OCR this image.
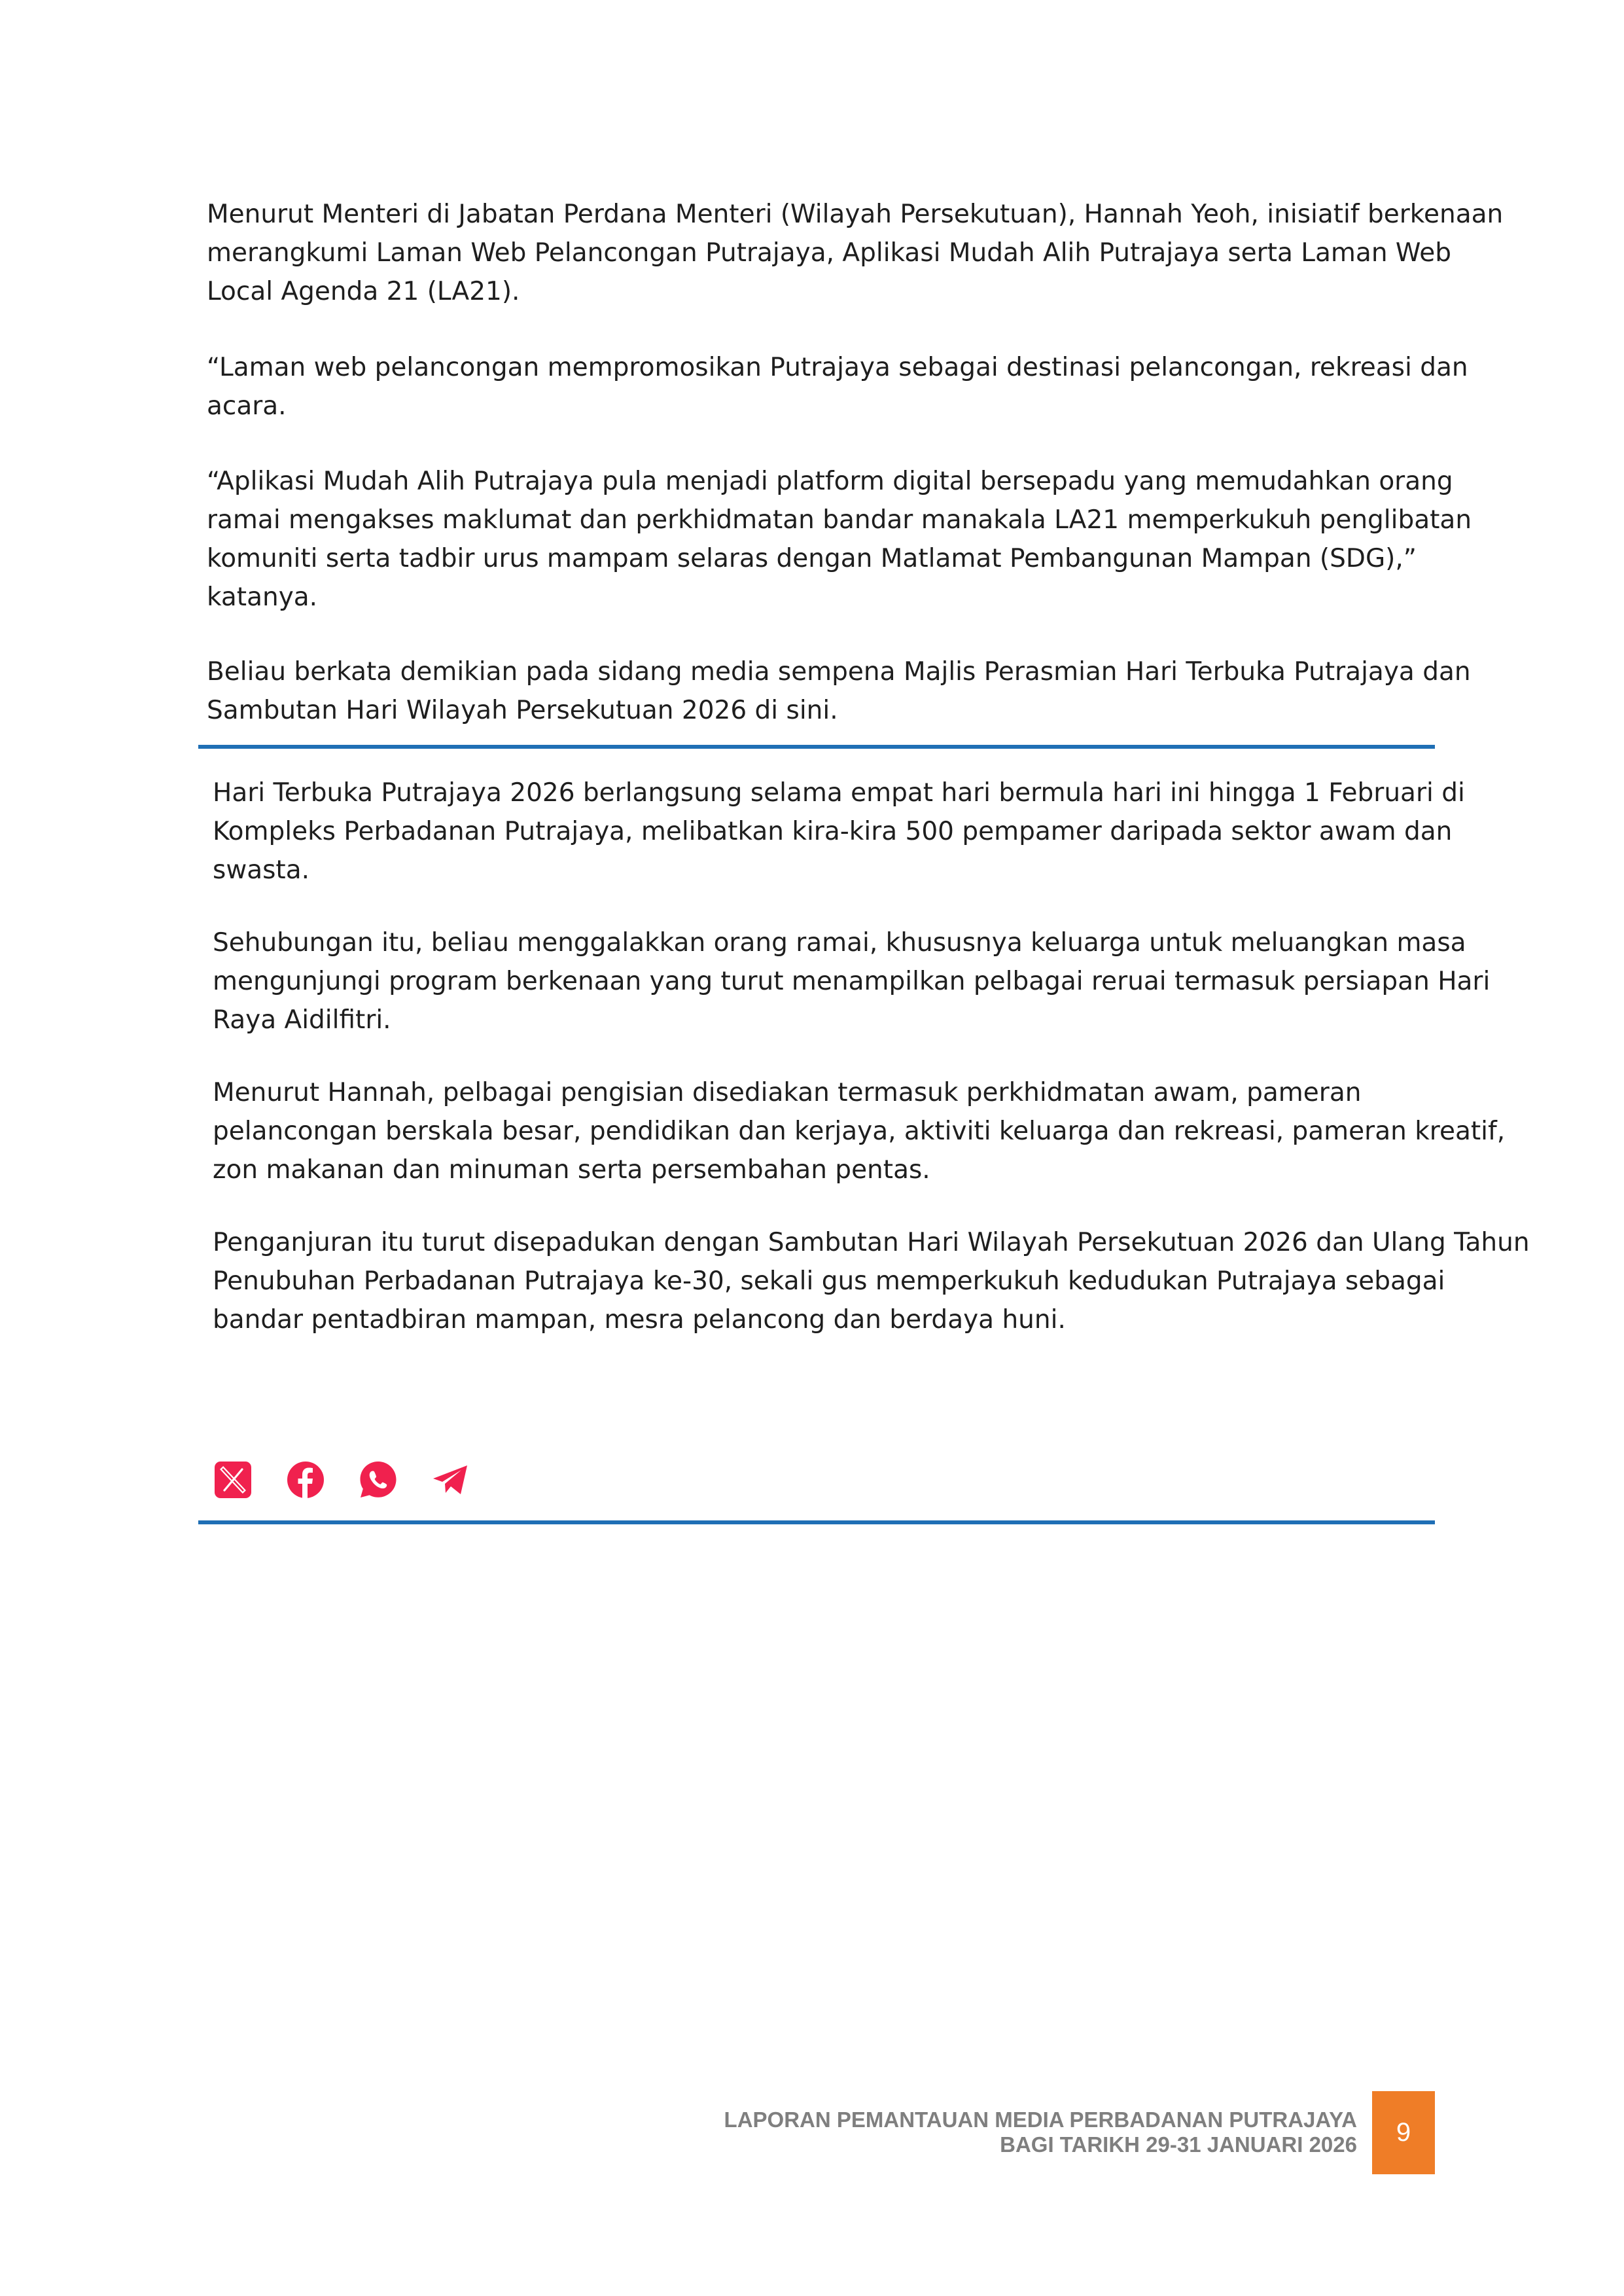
Menurut Menteri di Jabatan Perdana Menteri (Wilayah Persekutuan), Hannah Yeoh, inisiatif berkenaan
merangkumi Laman Web Pelancongan Putrajaya, Aplikasi Mudah Alih Putrajaya serta Laman Web
Local Agenda 21 (LA21).

“Laman web pelancongan mempromosikan Putrajaya sebagai destinasi pelancongan, rekreasi dan
acara.

“Aplikasi Mudah Alih Putrajaya pula menjadi platform digital bersepadu yang memudahkan orang
ramai mengakses maklumat dan perkhidmatan bandar manakala LA21 memperkukuh penglibatan
komuniti serta tadbir urus mampam selaras dengan Matlamat Pembangunan Mampan (SDG),”
katanya.

Beliau berkata demikian pada sidang media sempena Majlis Perasmian Hari Terbuka Putrajaya dan
Sambutan Hari Wilayah Persekutuan 2026 di sini.

Hari Terbuka Putrajaya 2026 berlangsung selama empat hari bermula hari ini hingga 1 Februari di
Kompleks Perbadanan Putrajaya, melibatkan kira-kira 500 pempamer daripada sektor awam dan
swasta.

Sehubungan itu, beliau menggalakkan orang ramai, khususnya keluarga untuk meluangkan masa
mengunjungi program berkenaan yang turut menampilkan pelbagai reruai termasuk persiapan Hari
Raya Aidilfitri.

Menurut Hannah, pelbagai pengisian disediakan termasuk perkhidmatan awam, pameran
pelancongan berskala besar, pendidikan dan kerjaya, aktiviti keluarga dan rekreasi, pameran kreatif,
zon makanan dan minuman serta persembahan pentas.

Penganjuran itu turut disepadukan dengan Sambutan Hari Wilayah Persekutuan 2026 dan Ulang Tahun
Penubuhan Perbadanan Putrajaya ke-30, sekali gus memperkukuh kedudukan Putrajaya sebagai
bandar pentadbiran mampan, mesra pelancong dan berdaya huni.

LAPORAN PEMANTAUAN MEDIA PERBADANAN PUTRAJAYA
BAGI TARIKH 29-31 JANUARI 2026 9
